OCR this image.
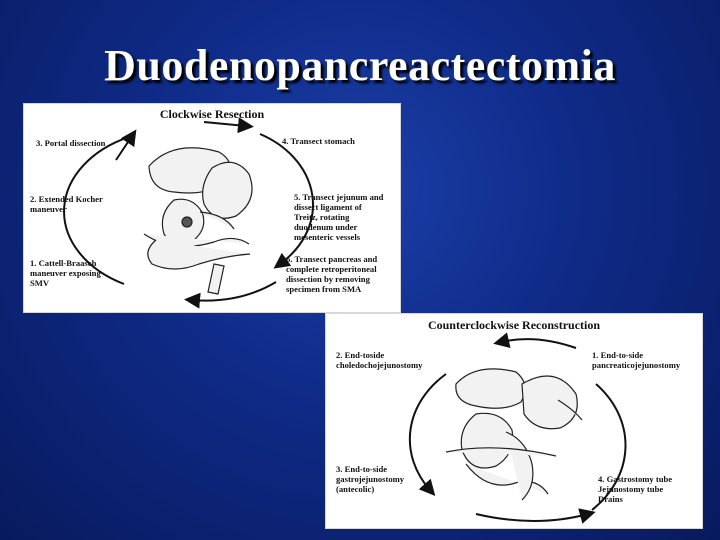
Duodenopancreactectomia
Clockwise Resection
3. Portal dissection
2. Extended Kocher
maneuver
1. Cattell-Braasch
maneuver exposing
SMV
4. Transect stomach
5. Transect jejunum and
dissect ligament of
Treitz, rotating
duodenum under
mesenteric vessels
6. Transect pancreas and
complete retroperitoneal
dissection by removing
specimen from SMA
Counterclockwise Reconstruction
2. End-toside
choledochojejunostomy
1. End-to-side
pancreaticojejunostomy
3. End-to-side
gastrojejunostomy
(antecolic)
4. Gastrostomy tube
Jejunostomy tube
Drains
